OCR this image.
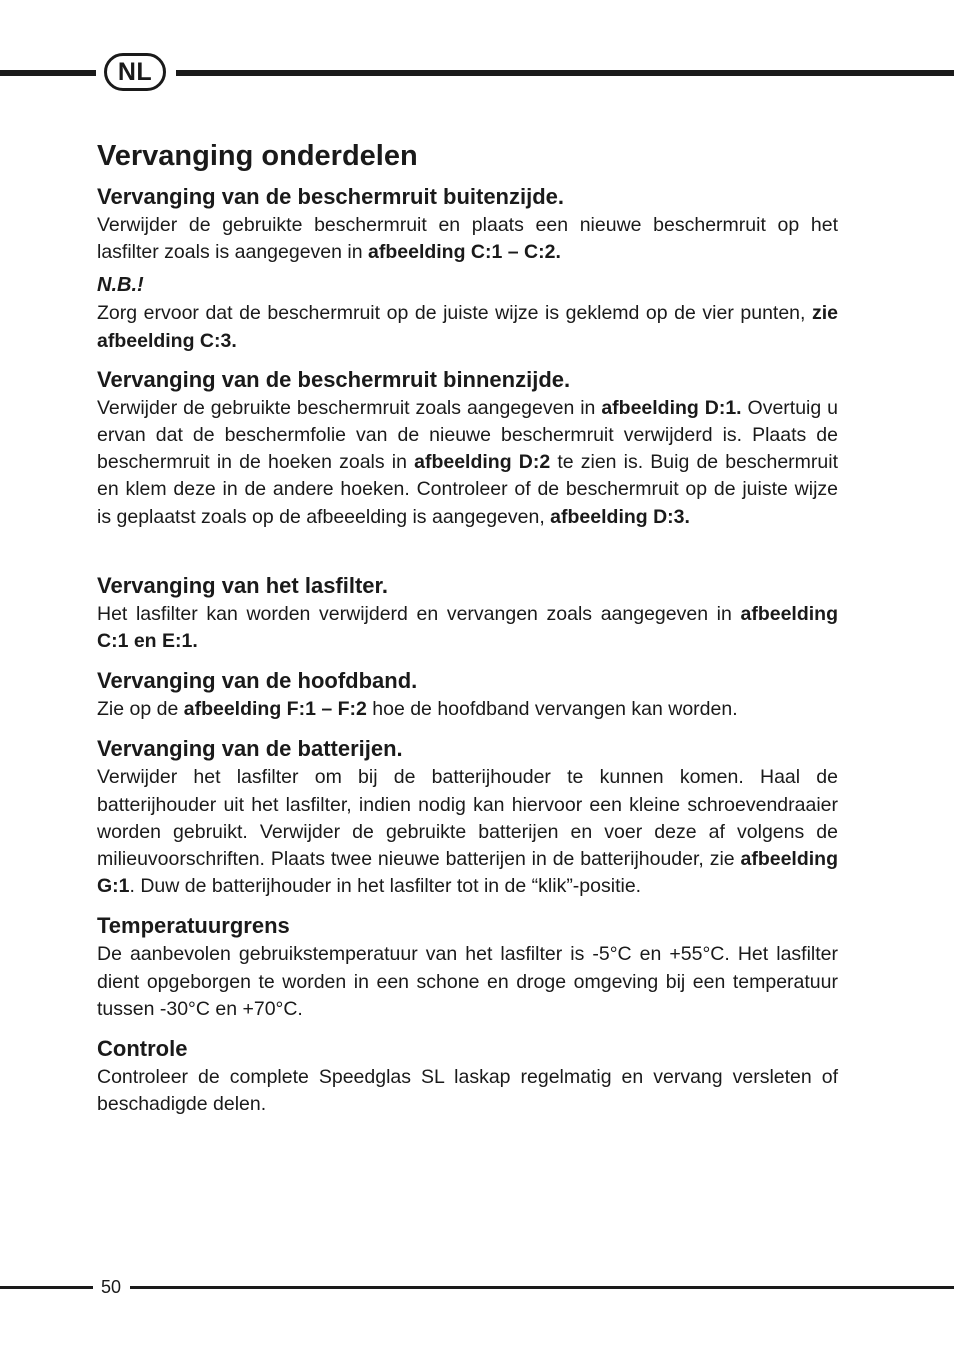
NL
Vervanging onderdelen
Vervanging van de beschermruit buitenzijde.

Verwijder de gebruikte beschermruit en plaats een nieuwe beschermruit op het lasfilter zoals is aangegeven in afbeelding C:1 – C:2.

N.B.!

Zorg ervoor dat de beschermruit op de juiste wijze is geklemd op de vier punten, zie afbeelding C:3.

Vervanging van de beschermruit binnenzijde.

Verwijder de gebruikte beschermruit zoals aangegeven in afbeelding D:1. Overtuig u ervan dat de beschermfolie van de nieuwe beschermruit verwijderd is. Plaats de beschermruit in de hoeken zoals in afbeelding D:2 te zien is. Buig de beschermruit en klem deze in de andere hoeken. Controleer of de beschermruit op de juiste wijze is geplaatst zoals op de afbeeelding is aangegeven, afbeelding D:3.

Vervanging van het lasfilter.

Het lasfilter kan worden verwijderd en vervangen zoals aangegeven in afbeelding C:1 en E:1.

Vervanging van de hoofdband.

Zie op de afbeelding F:1 – F:2 hoe de hoofdband vervangen kan worden.

Vervanging van de batterijen.

Verwijder het lasfilter om bij de batterijhouder te kunnen komen. Haal de batterijhouder uit het lasfilter, indien nodig kan hiervoor een kleine schroevendraaier worden gebruikt. Verwijder de gebruikte batterijen en voer deze af volgens de milieuvoorschriften. Plaats twee nieuwe batterijen in de batterijhouder, zie afbeelding G:1. Duw de batterijhouder in het lasfilter tot in de “klik”-positie.

Temperatuurgrens

De aanbevolen gebruikstemperatuur van het lasfilter is -5°C en +55°C. Het lasfilter dient opgeborgen te worden in een schone en droge omgeving bij een temperatuur tussen -30°C en +70°C.

Controle

Controleer de complete Speedglas SL laskap regelmatig en vervang versleten of beschadigde delen.

50
